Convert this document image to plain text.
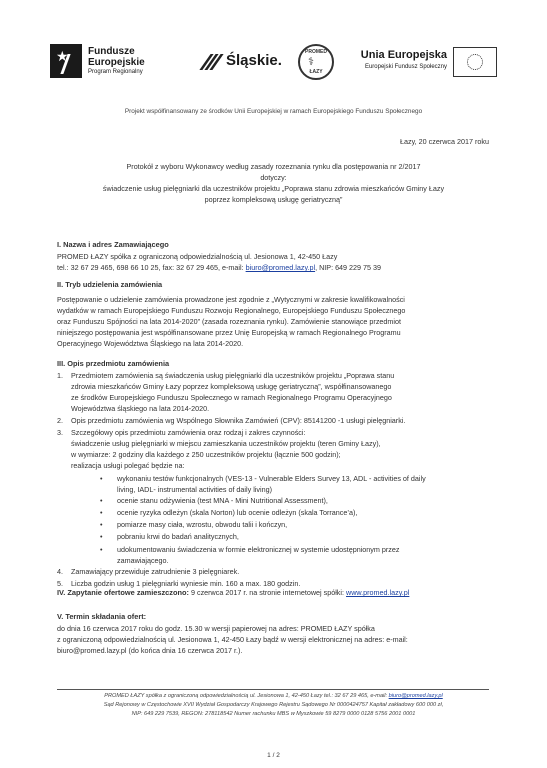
★ Fundusze
Europejskie
Program Regionalny
Śląskie.	PROMED
⚕
ŁAZY
Unia Europejska
Europejski Fundusz Społeczny
Projekt współfinansowany ze środków Unii Europejskiej w ramach Europejskiego Funduszu Społecznego
Łazy, 20 czerwca 2017 roku
Protokół z wyboru Wykonawcy według zasady rozeznania rynku dla postępowania nr 2/2017
dotyczy:
świadczenie usług pielęgniarki dla uczestników projektu „Poprawa stanu zdrowia mieszkańców Gminy Łazy
poprzez kompleksową usługę geriatryczną”
I. Nazwa i adres Zamawiającego
PROMED ŁAZY spółka z ograniczoną odpowiedzialnością ul. Jesionowa 1, 42-450 Łazy
tel.: 32 67 29 465, 698 66 10 25, fax: 32 67 29 465, e-mail: biuro@promed.lazy.pl, NIP: 649 229 75 39
II. Tryb udzielenia zamówienia
Postępowanie o udzielenie zamówienia prowadzone jest zgodnie z „Wytycznymi w zakresie kwalifikowalności
wydatków w ramach Europejskiego Funduszu Rozwoju Regionalnego, Europejskiego Funduszu Społecznego
oraz Funduszu Spójności na lata 2014-2020” (zasada rozeznania rynku). Zamówienie stanowiące przedmiot
niniejszego postępowania jest współfinansowane przez Unię Europejską w ramach Regionalnego Programu
Operacyjnego Województwa Śląskiego na lata 2014-2020.
III. Opis przedmiotu zamówienia
1. Przedmiotem zamówienia są świadczenia usług pielęgniarki dla uczestników projektu „Poprawa stanu
zdrowia mieszkańców Gminy Łazy poprzez kompleksową usługę geriatryczną”, współfinansowanego
ze środków Europejskiego Funduszu Społecznego w ramach Regionalnego Programu Operacyjnego
Województwa śląskiego na lata 2014-2020.
2. Opis przedmiotu zamówienia wg Wspólnego Słownika Zamówień (CPV): 85141200 -1 usługi pielęgniarki.
3. Szczegółowy opis przedmiotu zamówienia oraz rodzaj i zakres czynności:
świadczenie usług pielęgniarki w miejscu zamieszkania uczestników projektu (teren Gminy Łazy),
w wymiarze: 2 godziny dla każdego z 250 uczestników projektu (łącznie 500 godzin);
realizacja usługi polegać będzie na:
• wykonaniu testów funkcjonalnych (VES-13 - Vulnerable Elders Survey 13, ADL - activities of daily
living, IADL- instrumental activities of daily living)
• ocenie stanu odżywienia (test MNA - Mini Nutritional Assessment),
• ocenie ryzyka odleżyn (skala Norton) lub ocenie odleżyn (skala Torrance’a),
• pomiarze masy ciała, wzrostu, obwodu talii i kończyn,
• pobraniu krwi do badań analitycznych,
• udokumentowaniu świadczenia w formie elektronicznej w systemie udostępnionym przez
zamawiającego.
4. Zamawiający przewiduje zatrudnienie 3 pielęgniarek.
5. Liczba godzin usług 1 pielęgniarki wyniesie min. 160 a max. 180 godzin.
IV. Zapytanie ofertowe zamieszczono: 9 czerwca 2017 r. na stronie internetowej spółki: www.promed.lazy.pl
V. Termin składania ofert:
do dnia 16 czerwca 2017 roku do godz. 15.30 w wersji papierowej na adres: PROMED ŁAZY spółka
z ograniczoną odpowiedzialnością ul. Jesionowa 1, 42-450 Łazy bądź w wersji elektronicznej na adres: e-mail:
biuro@promed.lazy.pl (do końca dnia 16 czerwca 2017 r.).
PROMED ŁAZY spółka z ograniczoną odpowiedzialnością ul. Jesionowa 1, 42-450 Łazy tel.: 32 67 29 465, e-mail: biuro@promed.lazy.pl
Sąd Rejonowy w Częstochowie XVII Wydział Gospodarczy Krajowego Rejestru Sądowego Nr 0000424757 Kapitał zakładowy 600 000 zł,
NIP: 649 229 7539, REGON: 278118542 Numer rachunku MBS w Myszkowie 59 8279 0000 0128 5756 2001 0001
1 / 2
